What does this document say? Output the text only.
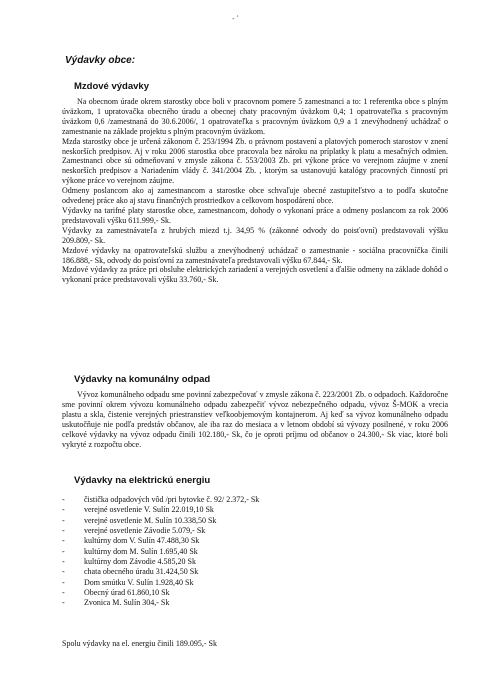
- ‘
Výdavky obce:
Mzdové výdavky

Na obecnom úrade okrem starostky obce boli v pracovnom pomere 5 zamestnanci a to: 1 referentka obce s plným úväzkom, 1 upratovačka obecného úradu a obecnej chaty pracovným úväzkom 0,4; 1 opatrovateľka s pracovným úväzkom 0,6 /zamestnaná do 30.6.2006/, 1 opatrovateľka s pracovným úväzkom 0,9 a 1 znevýhodnený uchádzač o zamestnanie na základe projektu s plným pracovným úväzkom.

Mzda starostky obce je určená zákonom č. 253/1994 Zb. o právnom postavení a platových pomeroch starostov v znení neskorších predpisov. Aj v roku 2006 starostka obce pracovala bez nároku na príplatky k platu a mesačných odmien. Zamestnanci obce sú odmeňovaní v zmysle zákona č. 553/2003 Zb. pri výkone práce vo verejnom záujme v znení neskorších predpisov a Nariadením vlády č. 341/2004 Zb. , ktorým sa ustanovujú katalógy pracovných činností pri výkone práce vo verejnom záujme.

Odmeny poslancom ako aj zamestnancom a starostke obce schvaľuje obecné zastupiteľstvo a to podľa skutočne odvedenej práce ako aj stavu finančných prostriedkov a celkovom hospodárení obce.

Výdavky na tarifné platy starostke obce, zamestnancom, dohody o vykonaní práce a odmeny poslancom za rok 2006 predstavovali výšku 611.999,- Sk.

Výdavky za zamestnávateľa z hrubých miezd t.j. 34,95 % (zákonné odvody do poisťovní) predstavovali výšku 209.809,- Sk.

Mzdové výdavky na opatrovateľskú službu a znevýhodnený uchádzač o zamestnanie - sociálna pracovníčka činili 186.888,- Sk, odvody do poisťovní za zamestnávateľa predstavovali výšku 67.844,- Sk.

Mzdové výdavky za práce pri obsluhe elektrických zariadení a verejných osvetlení a ďalšie odmeny na základe dohôd o vykonaní práce predstavovali výšku 33.760,- Sk.

Výdavky na komunálny odpad

Vývoz komunálneho odpadu sme povinní zabezpečovať v zmysle zákona č. 223/2001 Zb. o odpadoch. Každoročne sme povinní okrem vývozu komunálneho odpadu zabezpečiť vývoz nebezpečného odpadu, vývoz Š-MOK a vrecia plastu a skla, čistenie verejných priestranstiev veľkoobjemovým kontajnerom. Aj keď sa vývoz komunálneho odpadu uskutočňuje nie podľa predstáv občanov, ale iba raz do mesiaca a v letnom období sú vývozy posilnené, v roku 2006 celkové výdavky na vývoz odpadu činili 102.180,- Sk, čo je oproti príjmu od občanov o 24.300,- Sk viac, ktoré boli vykryté z rozpočtu obce.

Výdavky na elektrickú energiu
- čistička odpadových vôd /pri bytovke č. 92/ 2.372,- Sk
- verejné osvetlenie V. Sulín 22.019,10 Sk
- verejné osvetlenie M. Sulín 10.338,50 Sk
- verejné osvetlenie Závodie 5.079,- Sk
- kultúrny dom V. Sulín 47.488,30 Sk
- kultúrny dom M. Sulín 1.695,40 Sk
- kultúrny dom Závodie 4.585,20 Sk
- chata obecného úradu 31.424,50 Sk
- Dom smútku V. Sulín 1.928,40 Sk
- Obecný úrad 61.860,10 Sk
- Zvonica M. Sulín 304,- Sk

Spolu výdavky na el. energiu činili 189.095,- Sk
